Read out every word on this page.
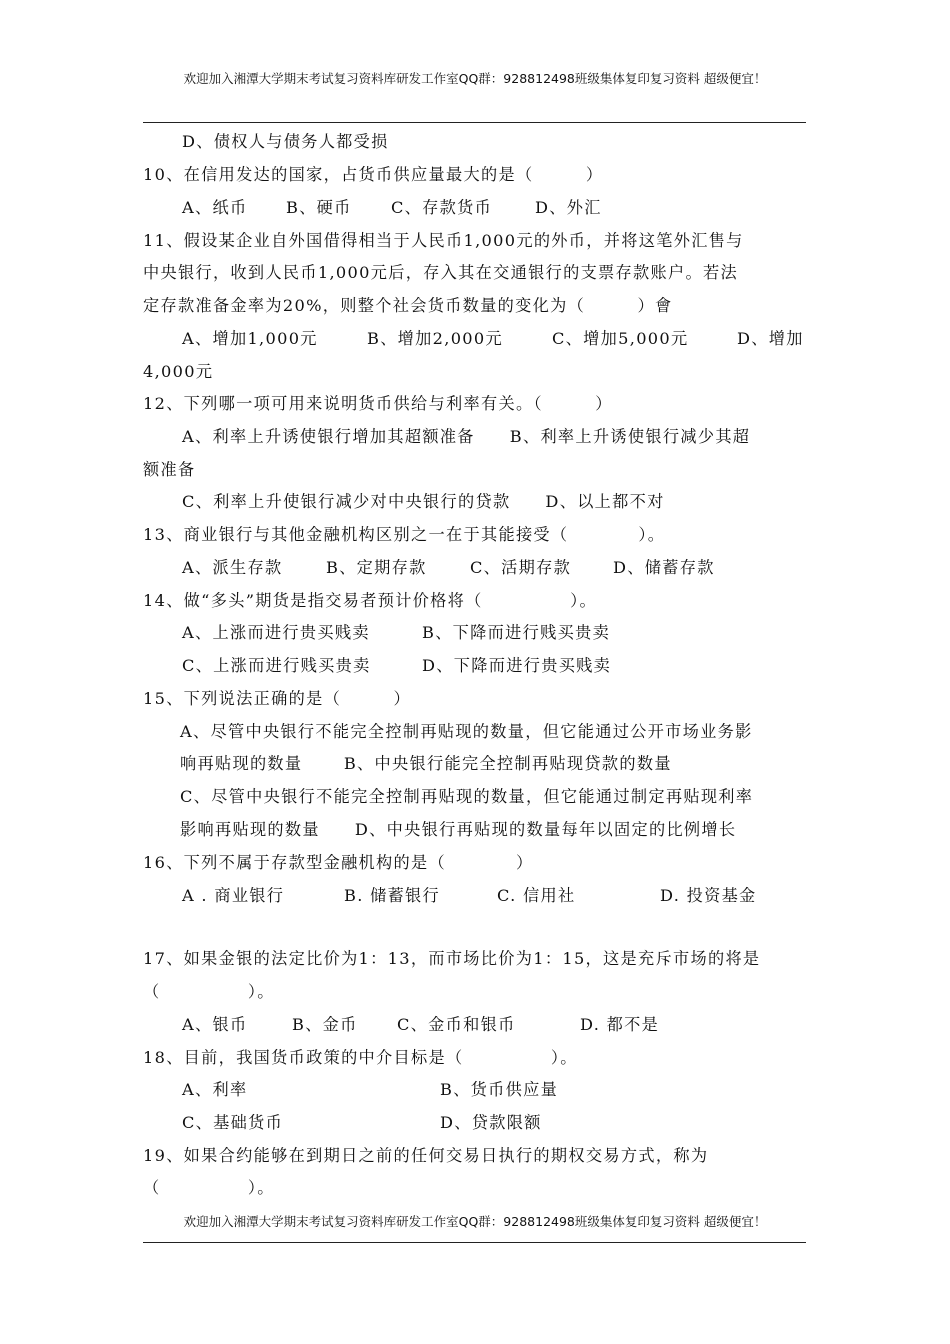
欢迎加入湘潭大学期末考试复习资料库研发工作室QQ群：928812498班级集体复印复习资料 超级便宜！
D、债权人与债务人都受损
10、在信用发达的国家，占货币供应量最大的是（　　　）
A、纸币 B、硬币 C、存款货币	D、外汇
11、假设某企业自外国借得相当于人民币1,000元的外币，并将这笔外汇售与
中央银行，收到人民币1,000元后，存入其在交通银行的支票存款账户。若法
定存款准备金率为20%，则整个社会货币数量的变化为（　　　）會
A、增加1,000元	B、增加2,000元	C、增加5,000元	D、增加
4,000元
12、下列哪一项可用来说明货币供给与利率有关。（　　　）
A、利率上升诱使银行增加其超额准备　　B、利率上升诱使银行减少其超
额准备
C、利率上升使银行减少对中央银行的贷款　　D、以上都不对
13、商业银行与其他金融机构区别之一在于其能接受（　　　　）。
A、派生存款	B、定期存款	C、活期存款	D、储蓄存款
14、做“多头”期货是指交易者预计价格将（　　　　　）。
A、上涨而进行贵买贱卖	B、下降而进行贱买贵卖
C、上涨而进行贱买贵卖	D、下降而进行贵买贱卖
15、下列说法正确的是（　　　）
A、尽管中央银行不能完全控制再贴现的数量，但它能通过公开市场业务影
响再贴现的数量　　 B、中央银行能完全控制再贴现贷款的数量
C、尽管中央银行不能完全控制再贴现的数量，但它能通过制定再贴现利率
影响再贴现的数量　　D、中央银行再贴现的数量每年以固定的比例增长
16、下列不属于存款型金融机构的是（　　　　）
A . 商业银行	B. 储蓄银行	C. 信用社	D. 投资基金
17、如果金银的法定比价为1：13，而市场比价为1：15，这是充斥市场的将是
（　　　　　）。
A、银币	B、金币 C、金币和银币	D. 都不是
18、目前，我国货币政策的中介目标是（　　　　　）。
A、利率	B、货币供应量
C、基础货币	D、贷款限额
19、如果合约能够在到期日之前的任何交易日执行的期权交易方式，称为
（　　　　　）。
欢迎加入湘潭大学期末考试复习资料库研发工作室QQ群：928812498班级集体复印复习资料 超级便宜！
